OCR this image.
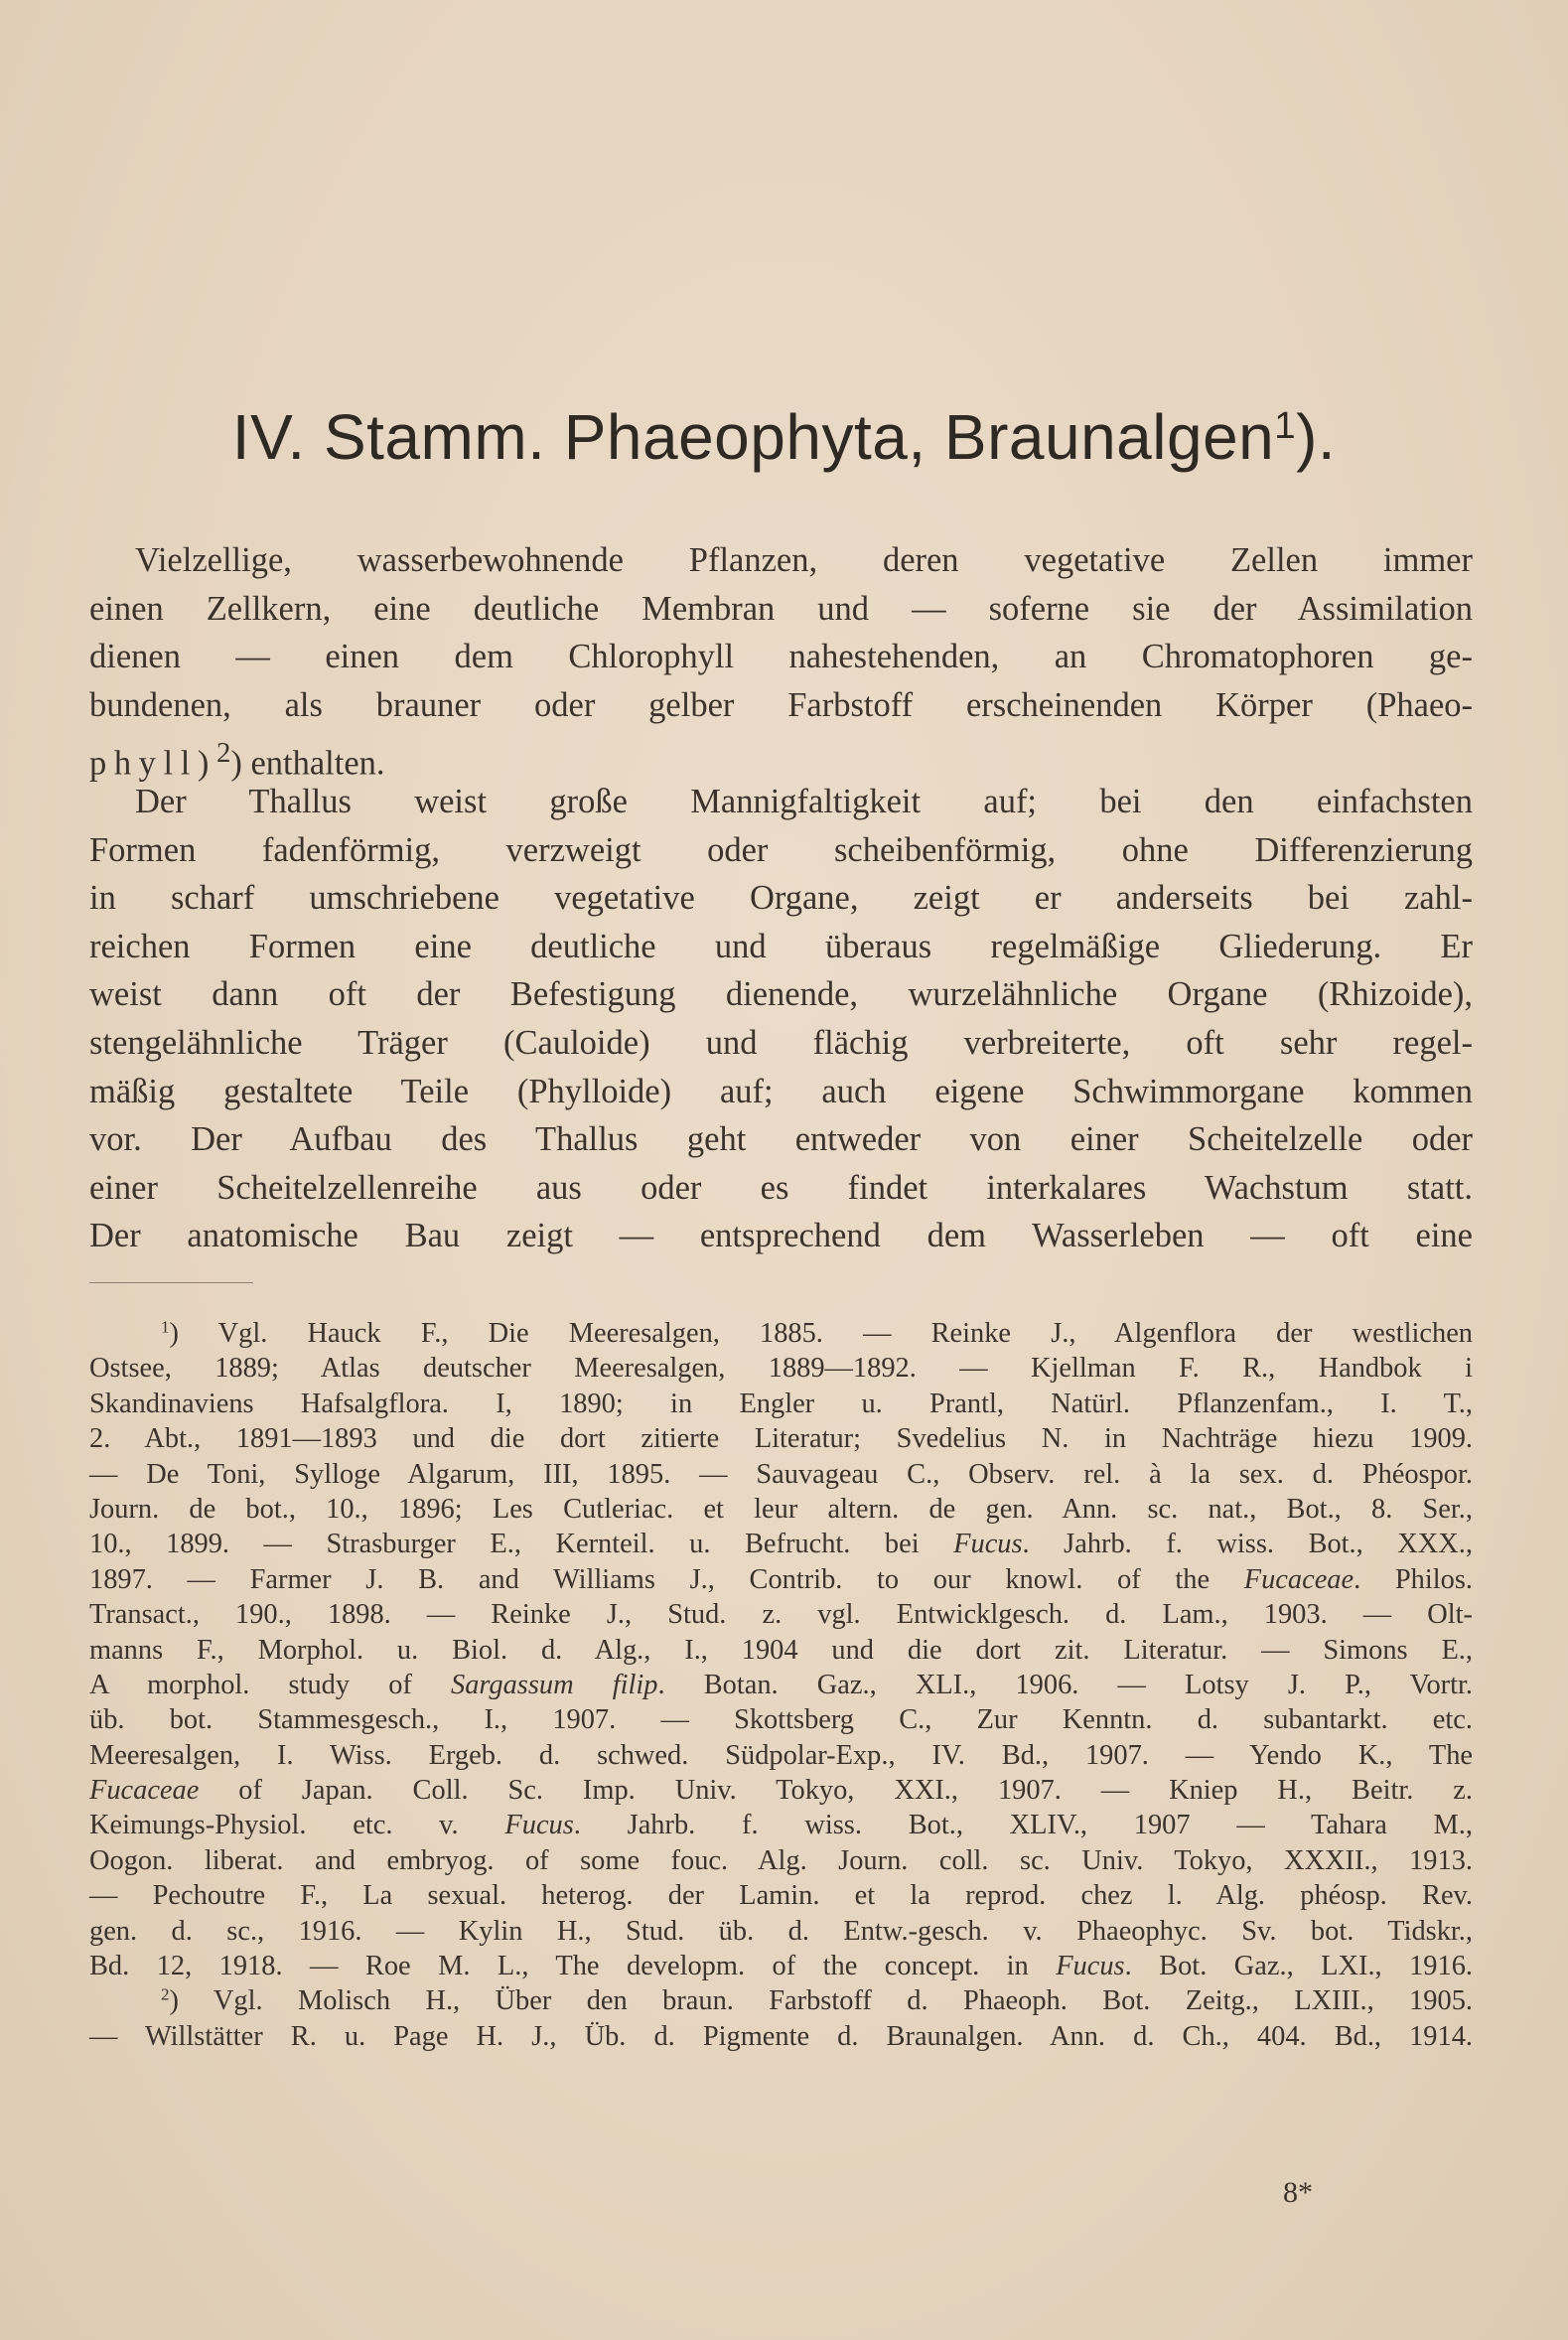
IV. Stamm. Phaeophyta, Braunalgen$^1$).
Vielzellige, wasserbewohnende Pflanzen, deren vegetative Zellen immer
einen Zellkern, eine deutliche Membran und — soferne sie der Assimilation
dienen — einen dem Chlorophyll nahestehenden, an Chromatophoren ge-
bundenen, als brauner oder gelber Farbstoff erscheinenden Körper (Phaeo-
phyll)$^2$) enthalten.
Der Thallus weist große Mannigfaltigkeit auf; bei den einfachsten
Formen fadenförmig, verzweigt oder scheibenförmig, ohne Differenzierung
in scharf umschriebene vegetative Organe, zeigt er anderseits bei zahl-
reichen Formen eine deutliche und überaus regelmäßige Gliederung. Er
weist dann oft der Befestigung dienende, wurzelähnliche Organe (Rhizoide),
stengelähnliche Träger (Cauloide) und flächig verbreiterte, oft sehr regel-
mäßig gestaltete Teile (Phylloide) auf; auch eigene Schwimmorgane kommen
vor. Der Aufbau des Thallus geht entweder von einer Scheitelzelle oder
einer Scheitelzellenreihe aus oder es findet interkalares Wachstum statt.
Der anatomische Bau zeigt — entsprechend dem Wasserleben — oft eine
$^1$) Vgl. Hauck F., Die Meeresalgen, 1885. — Reinke J., Algenflora der westlichen
Ostsee, 1889; Atlas deutscher Meeresalgen, 1889—1892. — Kjellman F. R., Handbok i
Skandinaviens Hafsalgflora. I, 1890; in Engler u. Prantl, Natürl. Pflanzenfam., I. T.,
2. Abt., 1891—1893 und die dort zitierte Literatur; Svedelius N. in Nachträge hiezu 1909.
— De Toni, Sylloge Algarum, III, 1895. — Sauvageau C., Observ. rel. à la sex. d. Phéospor.
Journ. de bot., 10., 1896; Les Cutleriac. et leur altern. de gen. Ann. sc. nat., Bot., 8. Ser.,
10., 1899. — Strasburger E., Kernteil. u. Befrucht. bei Fucus. Jahrb. f. wiss. Bot., XXX.,
1897. — Farmer J. B. and Williams J., Contrib. to our knowl. of the Fucaceae. Philos.
Transact., 190., 1898. — Reinke J., Stud. z. vgl. Entwicklgesch. d. Lam., 1903. — Olt-
manns F., Morphol. u. Biol. d. Alg., I., 1904 und die dort zit. Literatur. — Simons E.,
A morphol. study of Sargassum filip. Botan. Gaz., XLI., 1906. — Lotsy J. P., Vortr.
üb. bot. Stammesgesch., I., 1907. — Skottsberg C., Zur Kenntn. d. subantarkt. etc.
Meeresalgen, I. Wiss. Ergeb. d. schwed. Südpolar-Exp., IV. Bd., 1907. — Yendo K., The
Fucaceae of Japan. Coll. Sc. Imp. Univ. Tokyo, XXI., 1907. — Kniep H., Beitr. z.
Keimungs-Physiol. etc. v. Fucus. Jahrb. f. wiss. Bot., XLIV., 1907 — Tahara M.,
Oogon. liberat. and embryog. of some fouc. Alg. Journ. coll. sc. Univ. Tokyo, XXXII., 1913.
— Pechoutre F., La sexual. heterog. der Lamin. et la reprod. chez l. Alg. phéosp. Rev.
gen. d. sc., 1916. — Kylin H., Stud. üb. d. Entw.-gesch. v. Phaeophyc. Sv. bot. Tidskr.,
Bd. 12, 1918. — Roe M. L., The developm. of the concept. in Fucus. Bot. Gaz., LXI., 1916.
$^2$) Vgl. Molisch H., Über den braun. Farbstoff d. Phaeoph. Bot. Zeitg., LXIII., 1905.
— Willstätter R. u. Page H. J., Üb. d. Pigmente d. Braunalgen. Ann. d. Ch., 404. Bd., 1914.
8*
